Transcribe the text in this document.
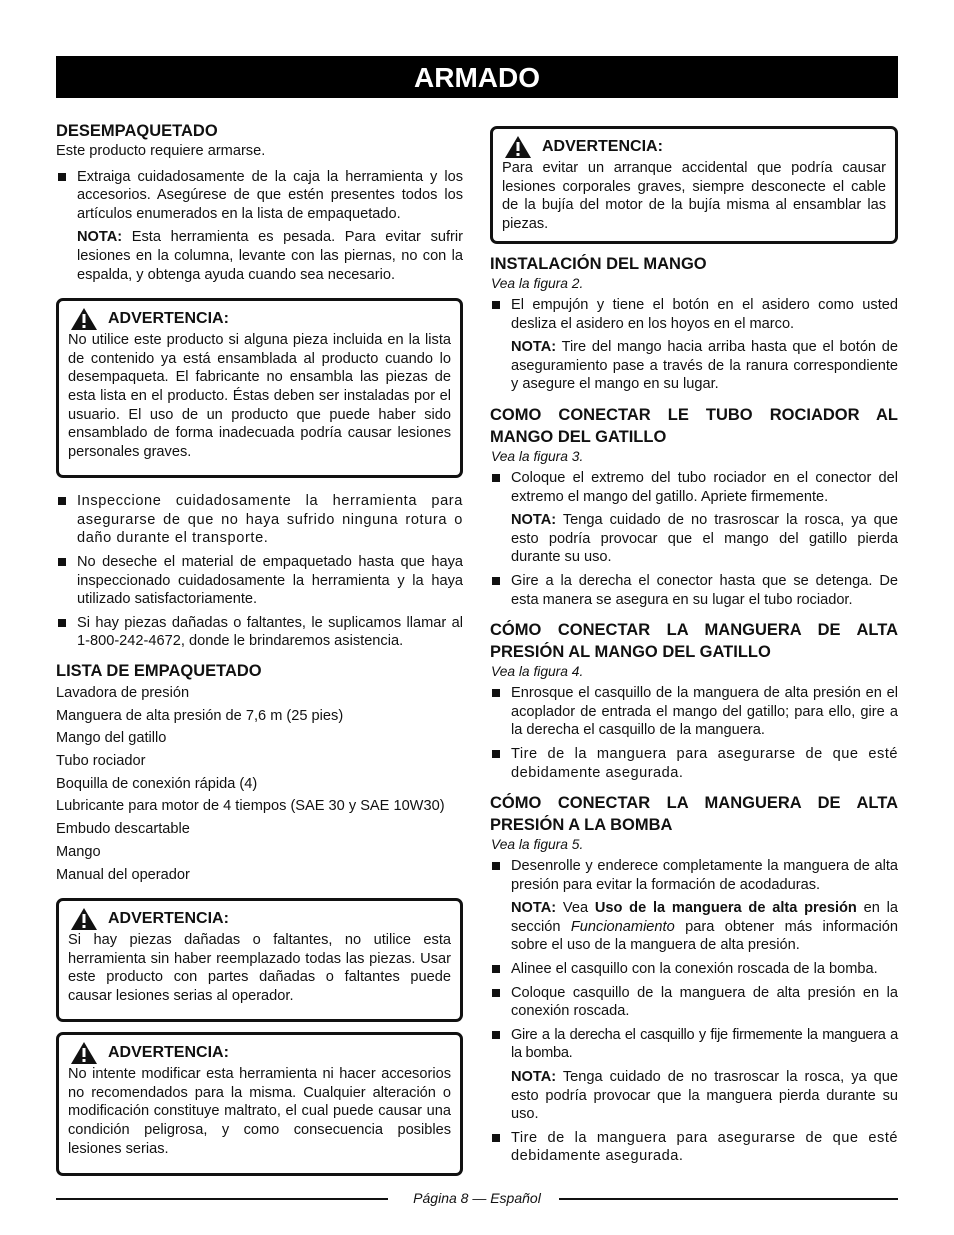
ARMADO
DESEMPAQUETADO

Este producto requiere armarse.

Extraiga cuidadosamente de la caja la herramienta y los accesorios. Asegúrese de que estén presentes todos los artículos enumerados en la lista de empaquetado.
NOTA: Esta herramienta es pesada. Para evitar sufrir lesiones en la columna, levante con las piernas, no con la espalda, y obtenga ayuda cuando sea necesario.
ADVERTENCIA:

No utilice este producto si alguna pieza incluida en la lista de contenido ya está ensamblada al producto cuando lo desempaqueta. El fabricante no ensambla las piezas de esta lista en el producto. Éstas deben ser instaladas por el usuario. El uso de un producto que puede haber sido ensamblado de forma inadecuada podría causar lesiones personales graves.

Inspeccione cuidadosamente la herramienta para asegurarse de que no haya sufrido ninguna rotura o daño durante el transporte.
No deseche el material de empaquetado hasta que haya inspeccionado cuidadosamente la herramienta y la haya utilizado satisfactoriamente.
Si hay piezas dañadas o faltantes, le suplicamos llamar al 1-800-242-4672, donde le brindaremos asistencia.
LISTA DE EMPAQUETADO
Lavadora de presión
Manguera de alta presión de 7,6 m (25 pies)
Mango del gatillo
Tubo rociador
Boquilla de conexión rápida (4)
Lubricante para motor de 4 tiempos (SAE 30 y SAE 10W30)
Embudo descartable
Mango
Manual del operador
ADVERTENCIA:

Si hay piezas dañadas o faltantes, no utilice esta herramienta sin haber reemplazado todas las piezas. Usar este producto con partes dañadas o faltantes puede causar lesiones serias al operador.

ADVERTENCIA:

No intente modificar esta herramienta ni hacer accesorios no recomendados para la misma. Cualquier alteración o modificación constituye maltrato, el cual puede causar una condición peligrosa, y como consecuencia posibles lesiones serias.

ADVERTENCIA:

Para evitar un arranque accidental que podría causar lesiones corporales graves, siempre desconecte el cable de la bujía del motor de la bujía misma al ensamblar las piezas.

INSTALACIÓN DEL MANGO

Vea la figura 2.

El empujón y tiene el botón en el asidero como usted desliza el asidero en los hoyos en el marco.
NOTA: Tire del mango hacia arriba hasta que el botón de aseguramiento pase a través de la ranura correspondiente y asegure el mango en su lugar.
COMO CONECTAR LE TUBO ROCIADOR AL MANGO DEL GATILLO

Vea la figura 3.

Coloque el extremo del tubo rociador en el conector del extremo el mango del gatillo. Apriete firmemente.
NOTA: Tenga cuidado de no trasroscar la rosca, ya que esto podría provocar que el mango del gatillo pierda durante su uso.
Gire a la derecha el conector hasta que se detenga. De esta manera se asegura en su lugar el tubo rociador.
CÓMO CONECTAR LA MANGUERA DE ALTA PRESIÓN AL MANGO DEL GATILLO

Vea la figura 4.

Enrosque el casquillo de la manguera de alta presión en el acoplador de entrada el mango del gatillo; para ello, gire a la derecha el casquillo de la manguera.
Tire de la manguera para asegurarse de que esté debidamente asegurada.
CÓMO CONECTAR LA MANGUERA DE ALTA PRESIÓN A LA BOMBA

Vea la figura 5.

Desenrolle y enderece completamente la manguera de alta presión para evitar la formación de acodaduras.
NOTA: Vea Uso de la manguera de alta presión en la sección Funcionamiento para obtener más información sobre el uso de la manguera de alta presión.
Alinee el casquillo con la conexión roscada de la bomba.
Coloque casquillo de la manguera de alta presión en la conexión roscada.
Gire a la derecha el casquillo y fije firmemente la manguera a la bomba.
NOTA: Tenga cuidado de no trasroscar la rosca, ya que esto podría provocar que la manguera pierda durante su uso.
Tire de la manguera para asegurarse de que esté debidamente asegurada.
Página 8 — Español
